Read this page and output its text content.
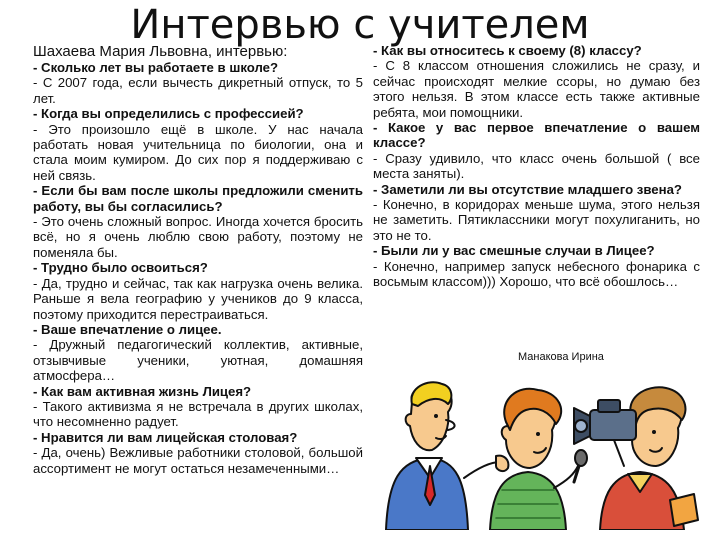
Интервью с учителем

Шахаева Мария Львовна, интервью:

- Сколько лет вы работаете в школе?

- С 2007 года, если вычесть дикретный отпуск, то 5 лет.

- Когда вы определились с профессией?

- Это произошло ещё в школе. У нас начала работать новая учительница по биологии, она и стала моим кумиром. До сих пор я поддерживаю с ней связь.

- Если бы вам после школы предложили сменить работу, вы бы согласились?

- Это очень сложный вопрос. Иногда хочется бросить всё, но я очень люблю свою работу, поэтому не поменяла бы.

- Трудно было освоиться?

- Да, трудно и сейчас, так как нагрузка очень велика. Раньше я вела географию у учеников до 9 класса, поэтому приходится перестраиваться.

- Ваше впечатление о лицее.

- Дружный педагогический коллектив, активные, отзывчивые ученики, уютная, домашняя атмосфера…

- Как вам активная жизнь Лицея?

- Такого активизма я не встречала в других школах, что несомненно радует.

- Нравится ли вам лицейская столовая?

- Да, очень) Вежливые работники столовой, большой ассортимент не могут остаться незамеченными…

- Как вы относитесь к своему (8) классу?

- С 8 классом отношения сложились не сразу, и сейчас происходят мелкие ссоры, но думаю без этого нельзя. В этом классе есть также активные ребята, мои помощники.

- Какое у вас первое впечатление о вашем классе?

- Сразу удивило, что класс очень большой ( все места заняты).

- Заметили ли вы отсутствие младшего звена?

- Конечно, в коридорах меньше шума, этого нельзя не заметить. Пятиклассники могут похулиганить, но это не то.

- Были ли у вас смешные случаи в Лицее?

- Конечно, например запуск небесного фонарика с восьмым классом))) Хорошо, что всё обошлось…

Манакова Ирина
